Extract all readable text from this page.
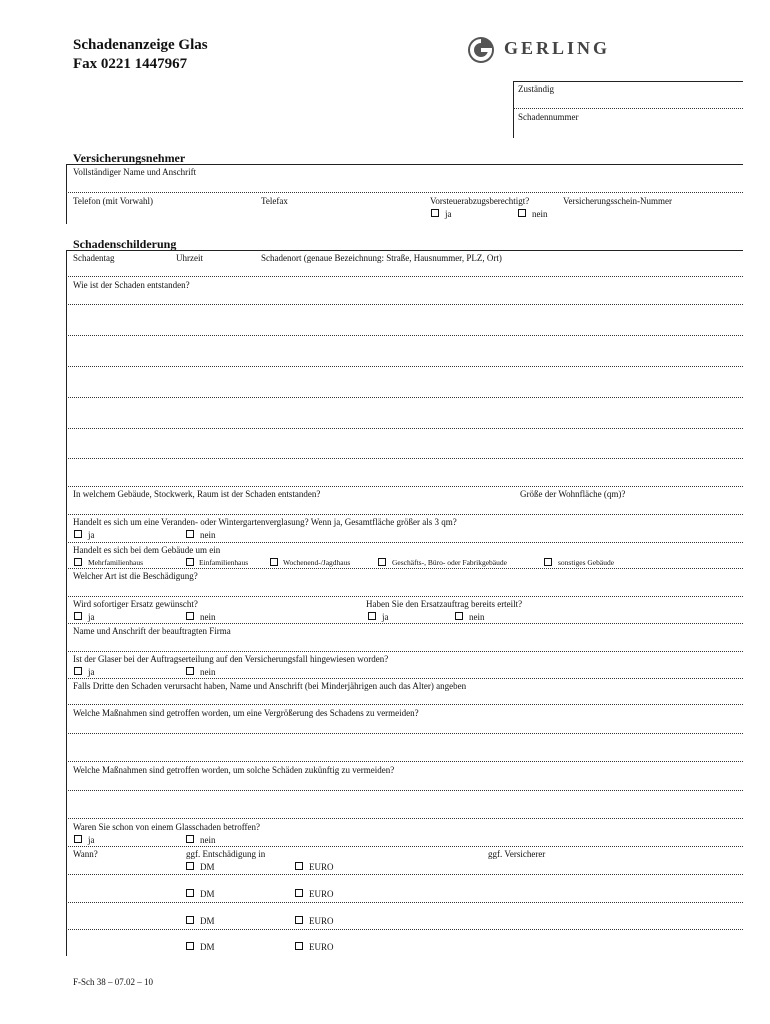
Schadenanzeige Glas
Fax 0221 1447967
GERLING
Zuständig
Schadennummer
Versicherungsnehmer
Vollständiger Name und Anschrift
Telefon (mit Vorwahl)	Telefax	Vorsteuerabzugsberechtigt?
ja	nein
Versicherungsschein-Nummer
Schadenschilderung
Schadentag	Uhrzeit	Schadenort (genaue Bezeichnung: Straße, Hausnummer, PLZ, Ort)
Wie ist der Schaden entstanden?
In welchem Gebäude, Stockwerk, Raum ist der Schaden entstanden?	Größe der Wohnfläche (qm)?
Handelt es sich um eine Veranden- oder Wintergartenverglasung? Wenn ja, Gesamtfläche größer als 3 qm?
ja	nein
Handelt es sich bei dem Gebäude um ein
Mehrfamilienhaus	Einfamilienhaus	Wochenend-/Jagdhaus	Geschäfts-, Büro- oder Fabrikgebäude	sonstiges Gebäude
Welcher Art ist die Beschädigung?
Wird sofortiger Ersatz gewünscht?
ja	nein
Haben Sie den Ersatzauftrag bereits erteilt?
ja	nein
Name und Anschrift der beauftragten Firma
Ist der Glaser bei der Auftragserteilung auf den Versicherungsfall hingewiesen worden?
ja	nein
Falls Dritte den Schaden verursacht haben, Name und Anschrift (bei Minderjährigen auch das Alter) angeben
Welche Maßnahmen sind getroffen worden, um eine Vergrößerung des Schadens zu vermeiden?
Welche Maßnahmen sind getroffen worden, um solche Schäden zukünftig zu vermeiden?
Waren Sie schon von einem Glasschaden betroffen?
ja	nein
Wann?	ggf. Entschädigung in	ggf. Versicherer
DM	EURO
DM	EURO
DM	EURO
DM	EURO
F-Sch 38 – 07.02 – 10
